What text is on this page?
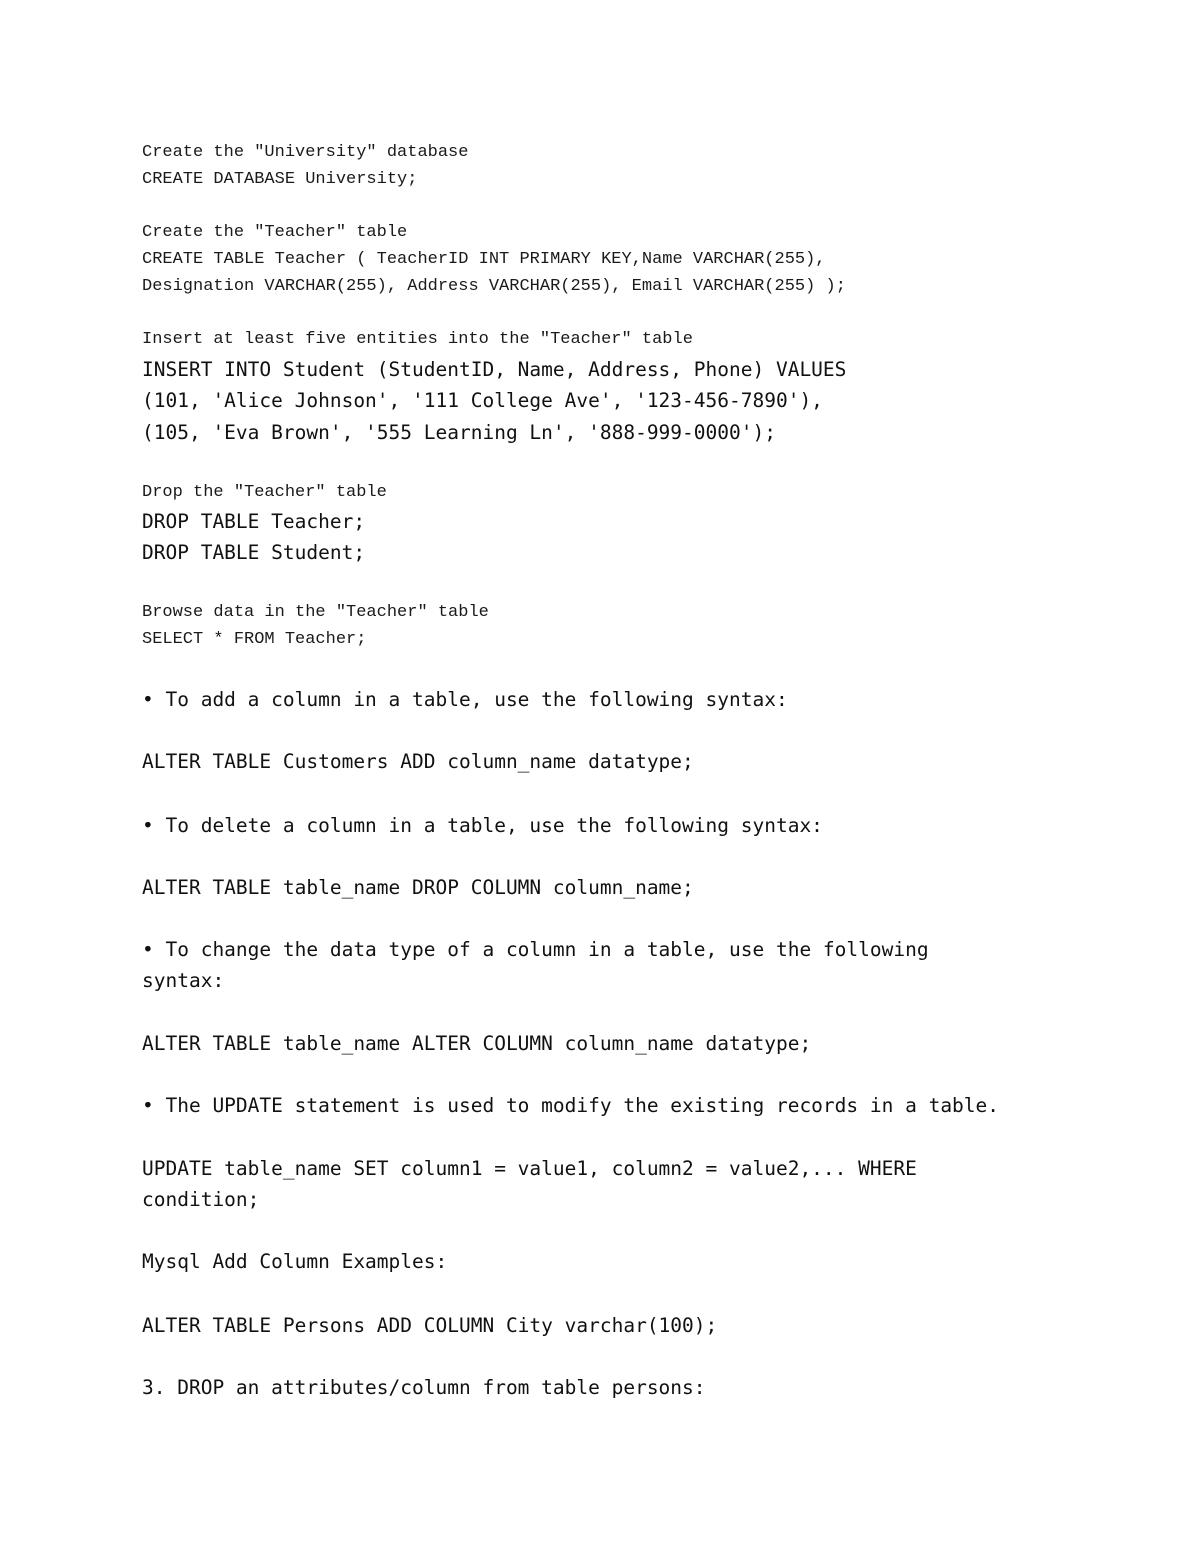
Create the "University" database

CREATE DATABASE University;

Create the "Teacher" table

CREATE TABLE Teacher ( TeacherID INT PRIMARY KEY,Name VARCHAR(255),

Designation VARCHAR(255), Address VARCHAR(255), Email VARCHAR(255) );

Insert at least five entities into the "Teacher" table

INSERT INTO Student (StudentID, Name, Address, Phone) VALUES

(101, 'Alice Johnson', '111 College Ave', '123-456-7890'),

(105, 'Eva Brown', '555 Learning Ln', '888-999-0000');

Drop the "Teacher" table

DROP TABLE Teacher;

DROP TABLE Student;

Browse data in the "Teacher" table

SELECT * FROM Teacher;

• To add a column in a table, use the following syntax:

ALTER TABLE Customers ADD column_name datatype;

• To delete a column in a table, use the following syntax:

ALTER TABLE table_name DROP COLUMN column_name;

• To change the data type of a column in a table, use the following

syntax:

ALTER TABLE table_name ALTER COLUMN column_name datatype;

• The UPDATE statement is used to modify the existing records in a table.

UPDATE table_name SET column1 = value1, column2 = value2,... WHERE

condition;

Mysql Add Column Examples:

ALTER TABLE Persons ADD COLUMN City varchar(100);

3. DROP an attributes/column from table persons:
